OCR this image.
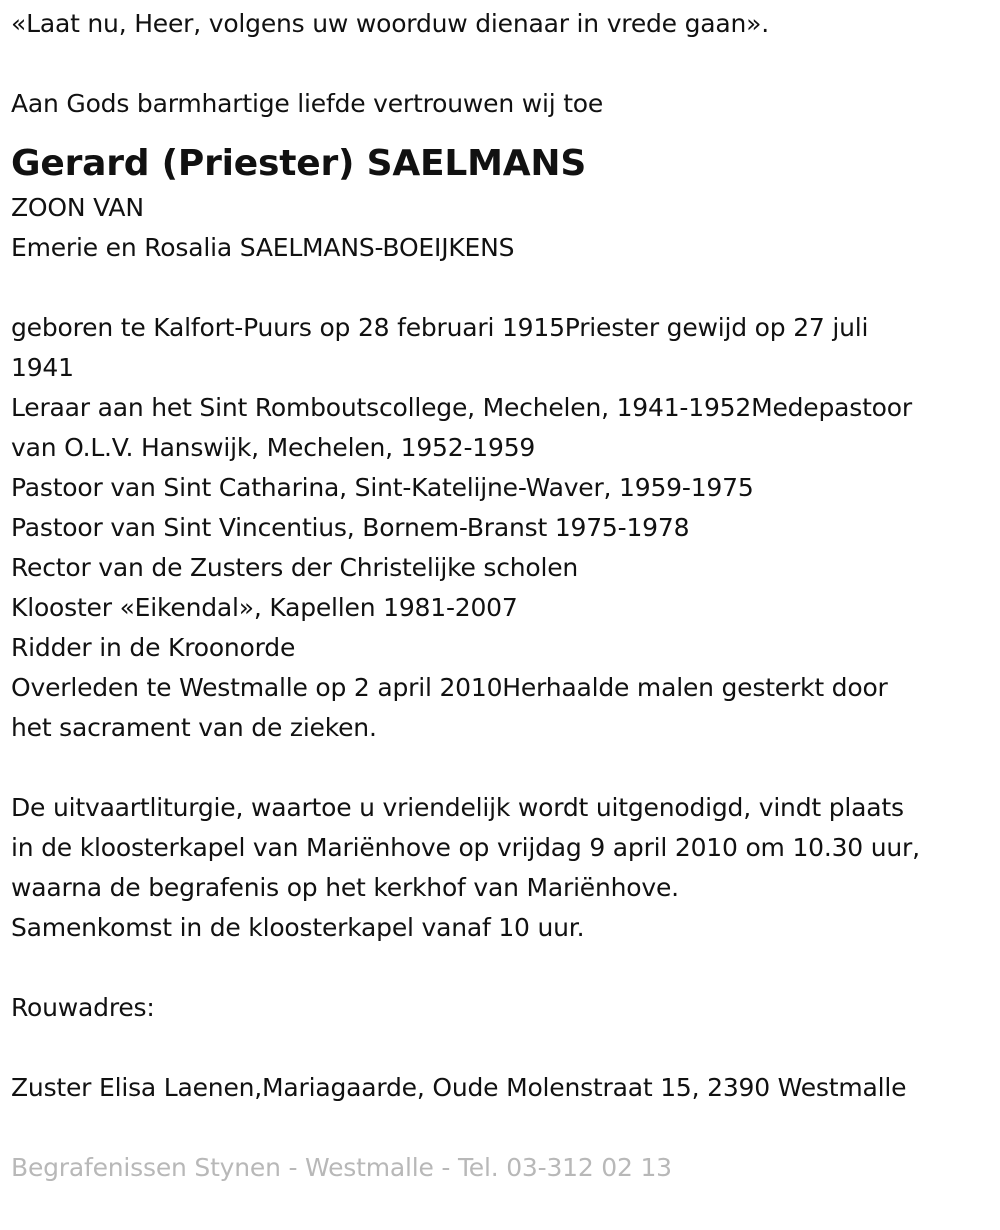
«Laat nu, Heer, volgens uw woorduw dienaar in vrede gaan».
Aan Gods barmhartige liefde vertrouwen wij toe
Gerard (Priester) SAELMANS
ZOON VAN
Emerie en Rosalia SAELMANS-BOEIJKENS
geboren te Kalfort-Puurs op 28 februari 1915Priester gewijd op 27 juli
1941
Leraar aan het Sint Romboutscollege, Mechelen, 1941-1952Medepastoor
van O.L.V. Hanswijk, Mechelen, 1952-1959
Pastoor van Sint Catharina, Sint-Katelijne-Waver, 1959-1975
Pastoor van Sint Vincentius, Bornem-Branst 1975-1978
Rector van de Zusters der Christelijke scholen
Klooster «Eikendal», Kapellen 1981-2007
Ridder in de Kroonorde
Overleden te Westmalle op 2 april 2010Herhaalde malen gesterkt door
het sacrament van de zieken.
De uitvaartliturgie, waartoe u vriendelijk wordt uitgenodigd, vindt plaats
in de kloosterkapel van Mariënhove op vrijdag 9 april 2010 om 10.30 uur,
waarna de begrafenis op het kerkhof van Mariënhove.
Samenkomst in de kloosterkapel vanaf 10 uur.
Rouwadres:
Zuster Elisa Laenen,Mariagaarde, Oude Molenstraat 15, 2390 Westmalle
Begrafenissen Stynen - Westmalle - Tel. 03-312 02 13
